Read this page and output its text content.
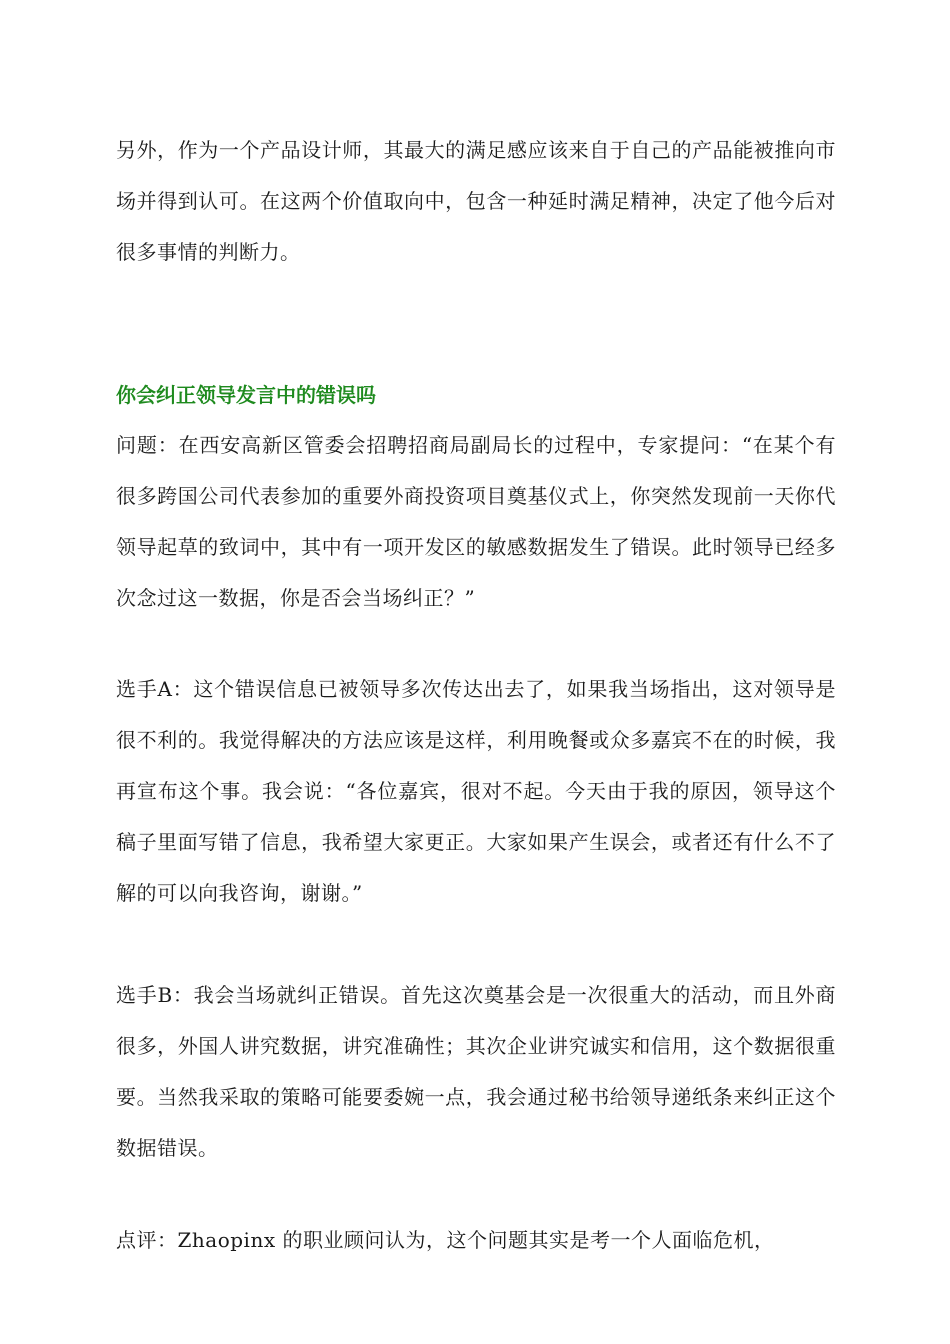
另外，作为一个产品设计师，其最大的满足感应该来自于自己的产品能被推向市场并得到认可。在这两个价值取向中，包含一种延时满足精神，决定了他今后对很多事情的判断力。

你会纠正领导发言中的错误吗

问题：在西安高新区管委会招聘招商局副局长的过程中，专家提问：“在某个有很多跨国公司代表参加的重要外商投资项目奠基仪式上，你突然发现前一天你代领导起草的致词中，其中有一项开发区的敏感数据发生了错误。此时领导已经多次念过这一数据，你是否会当场纠正？”

选手A：这个错误信息已被领导多次传达出去了，如果我当场指出，这对领导是很不利的。我觉得解决的方法应该是这样，利用晚餐或众多嘉宾不在的时候，我再宣布这个事。我会说：“各位嘉宾，很对不起。今天由于我的原因，领导这个稿子里面写错了信息，我希望大家更正。大家如果产生误会，或者还有什么不了解的可以向我咨询，谢谢。”

选手B：我会当场就纠正错误。首先这次奠基会是一次很重大的活动，而且外商很多，外国人讲究数据，讲究准确性；其次企业讲究诚实和信用，这个数据很重要。当然我采取的策略可能要委婉一点，我会通过秘书给领导递纸条来纠正这个数据错误。

点评：Zhaopinx 的职业顾问认为，这个问题其实是考一个人面临危机，
